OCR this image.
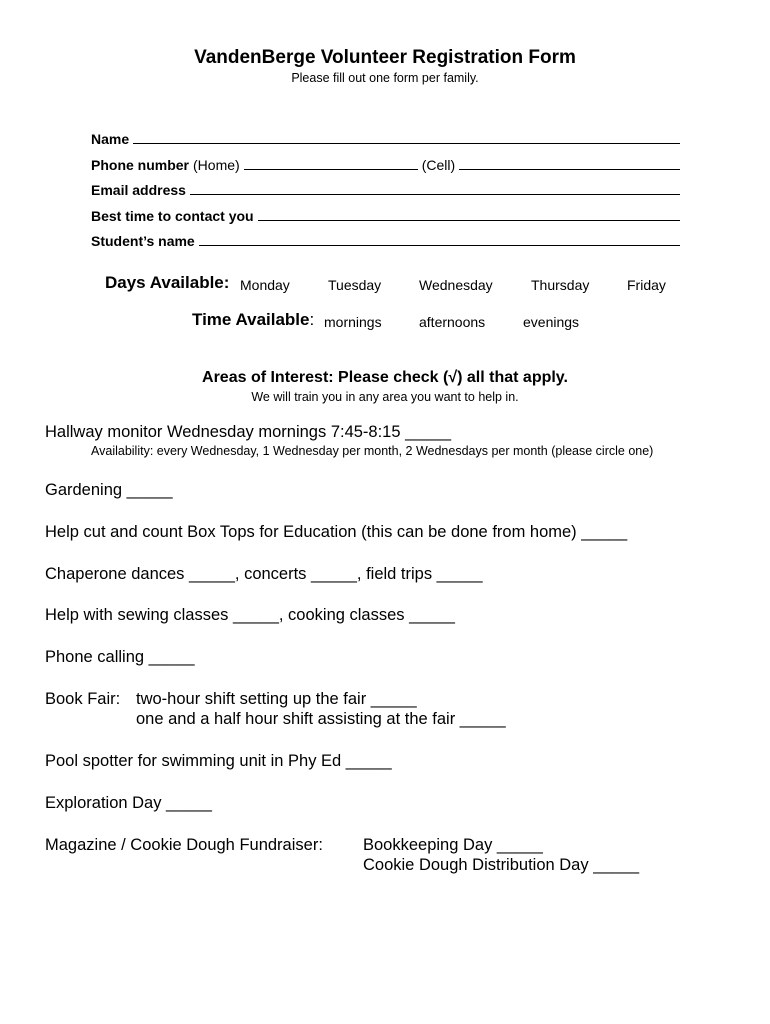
VandenBerge Volunteer Registration Form
Please fill out one form per family.
Name
Phone number (Home)	(Cell)
Email address
Best time to contact you
Student’s name
Days Available: Monday	Tuesday	Wednesday	Thursday	Friday
Time Available: mornings	afternoons	evenings
Areas of Interest: Please check (√) all that apply.
We will train you in any area you want to help in.
Hallway monitor Wednesday mornings 7:45-8:15 _____
Availability: every Wednesday, 1 Wednesday per month, 2 Wednesdays per month (please circle one)
Gardening _____
Help cut and count Box Tops for Education (this can be done from home) _____
Chaperone dances _____, concerts _____, field trips _____
Help with sewing classes _____, cooking classes _____
Phone calling _____
Book Fair: two-hour shift setting up the fair _____
one and a half hour shift assisting at the fair _____
Pool spotter for swimming unit in Phy Ed _____
Exploration Day _____
Magazine / Cookie Dough Fundraiser: Bookkeeping Day _____
Cookie Dough Distribution Day _____
